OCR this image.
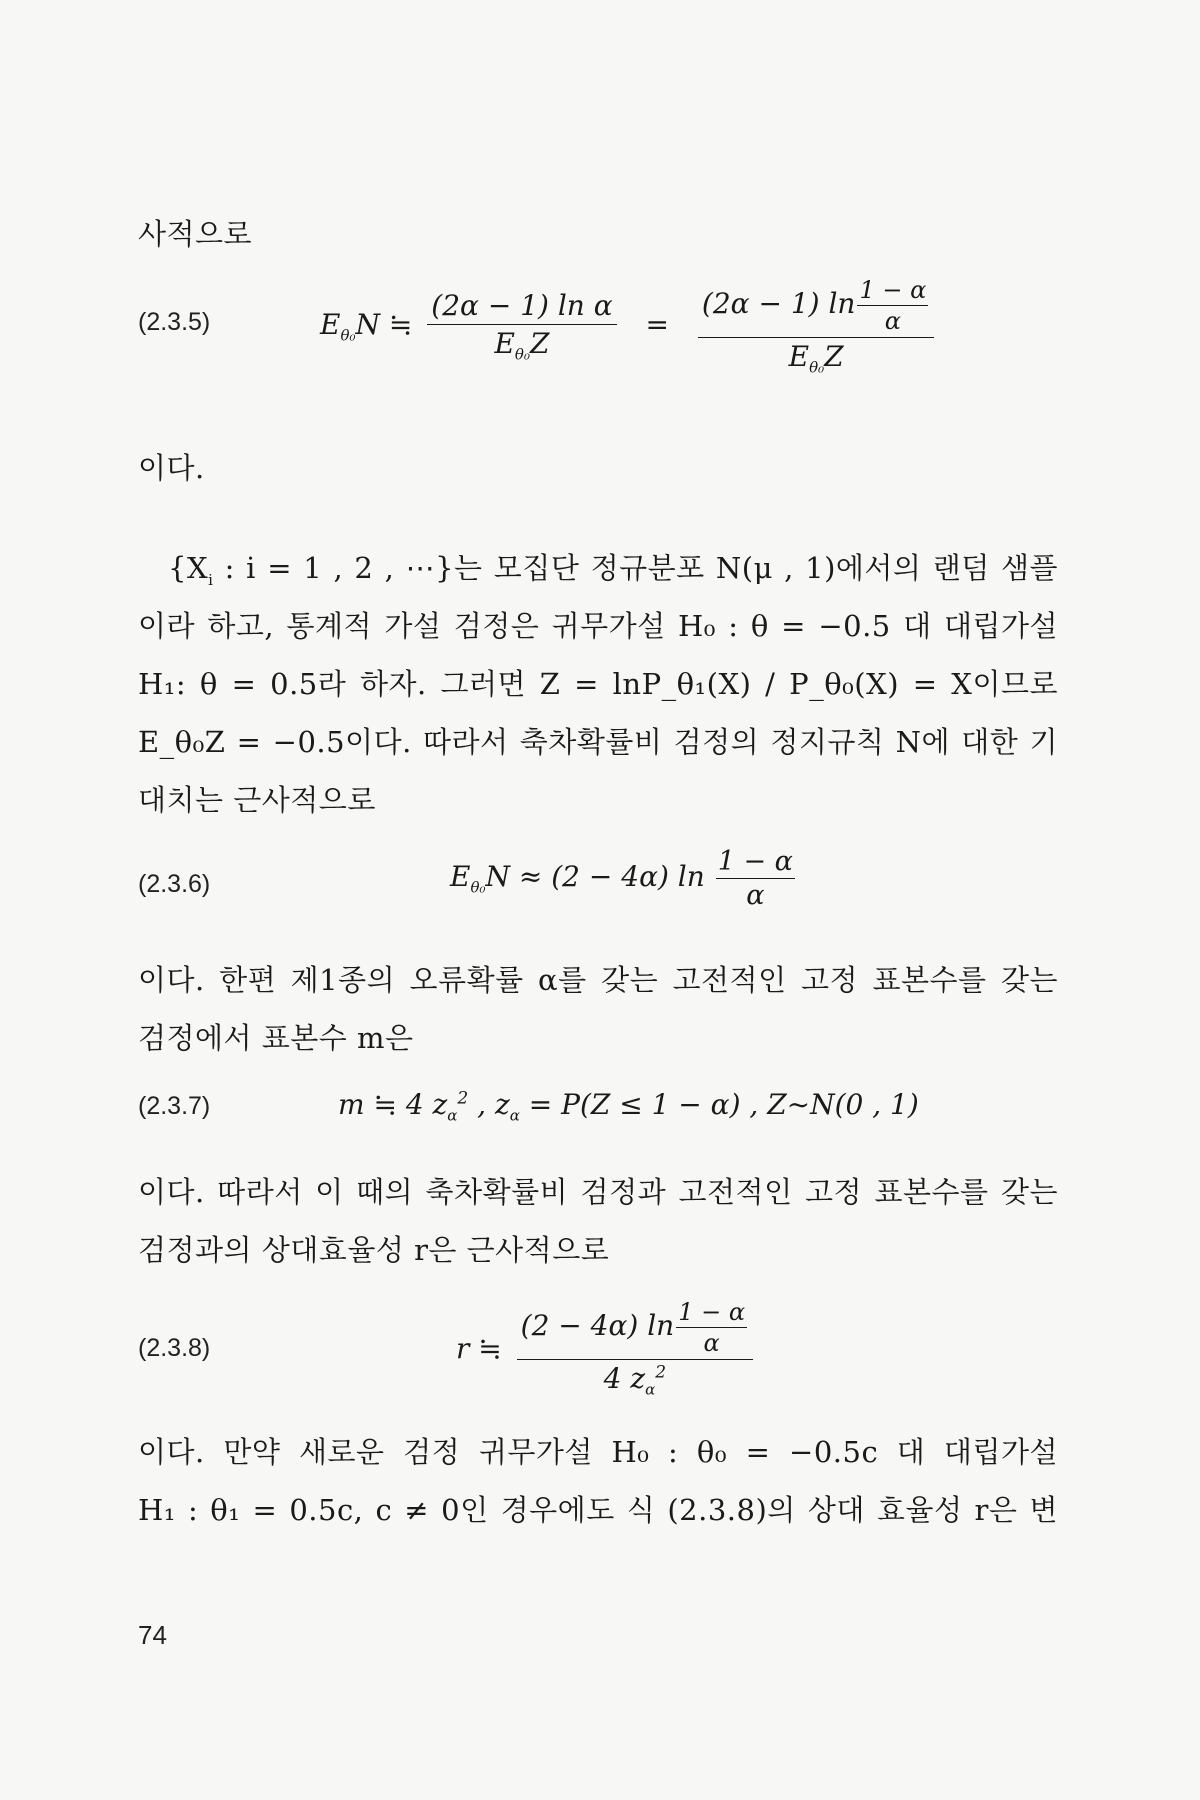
사적으로
(2.3.5)	$E_{\theta_0}N$ ≒ $\frac{\text{(2α − 1) ln α}}{E_{\theta_0}Z} = \frac{(2\alpha - 1) \ln \frac{1 - \alpha}{\alpha}}{E_{\theta_0}Z}$
이다.
{$X_i$ : i = 1 , 2 , ⋯}는 모집단 정규분포 N(μ , 1)에서의 랜덤 샘플
이라 하고, 통계적 가설 검정은 귀무가설 H₀ : θ = −0.5 대 대립가설
H₁: θ = 0.5라 하자. 그러면 Z = lnP_θ₁(X) / P_θ₀(X) = X이므로
E_θ₀Z = −0.5이다. 따라서 축차확률비 검정의 정지규칙 N에 대한 기
대치는 근사적으로
(2.3.6)	$E_{\theta_0}N \approx (2 - 4\alpha)$ $\ln \frac{1 - \alpha}{\alpha}$
이다. 한편 제1종의 오류확률 α를 갖는 고전적인 고정 표본수를 갖는
검정에서 표본수 m은
(2.3.7)	m ≒ 4 $z_\alpha^2$ , $z_\alpha = P(Z \le 1 - \alpha)$ , Z∼N(0 , 1)
이다. 따라서 이 때의 축차확률비 검정과 고전적인 고정 표본수를 갖는
검정과의 상대효율성 r은 근사적으로
(2.3.8)	r ≒ $\frac{(2 - 4\alpha) \ln \frac{1 - \alpha}{\alpha}}{4 z_\alpha^2}$
이다. 만약 새로운 검정 귀무가설 H₀ : θ₀ = −0.5c 대 대립가설
H₁ : θ₁ = 0.5c, c ≠ 0인 경우에도 식 (2.3.8)의 상대 효율성 r은 변
74
